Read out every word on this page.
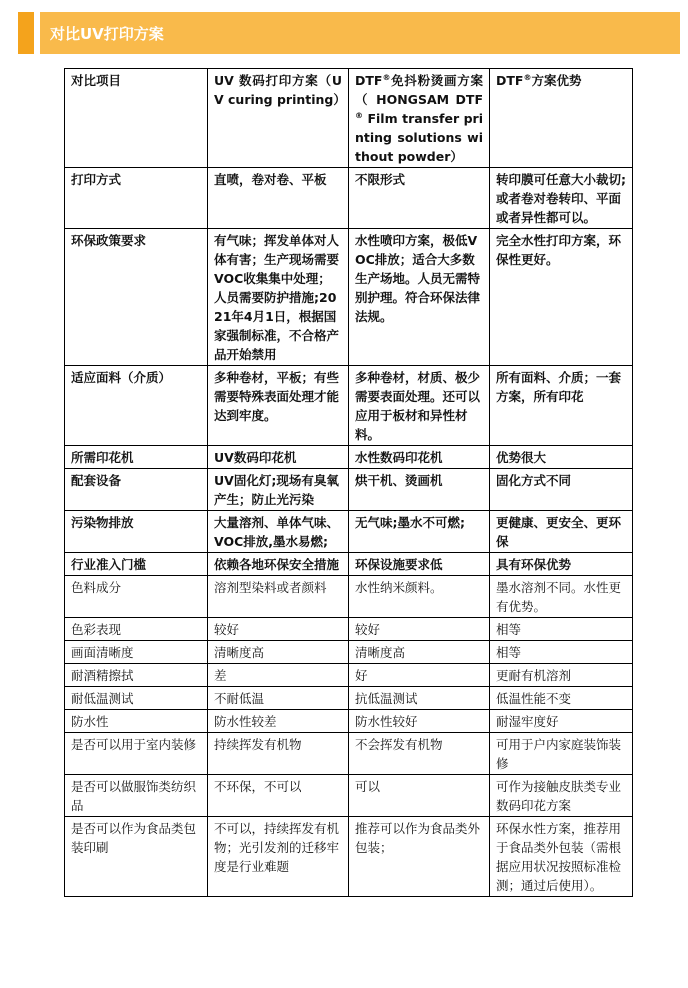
对比UV打印方案
对比项目	UV 数码打印方案（UV curing printing）	DTF®免抖粉烫画方案（ HONGSAM DTF® Film transfer printing solutions without powder）	DTF®方案优势
打印方式	直喷，卷对卷、平板	不限形式	转印膜可任意大小裁切;或者卷对卷转印、平面或者异性都可以。
环保政策要求	有气味；挥发单体对人体有害；生产现场需要VOC收集集中处理；人员需要防护措施;2021年4月1日，根据国家强制标准，不合格产品开始禁用	水性喷印方案，极低VOC排放；适合大多数生产场地。人员无需特别护理。符合环保法律法规。	完全水性打印方案，环保性更好。
适应面料（介质）	多种卷材，平板；有些需要特殊表面处理才能达到牢度。	多种卷材，材质、极少需要表面处理。还可以应用于板材和异性材料。	所有面料、介质；一套方案，所有印花
所需印花机	UV数码印花机	水性数码印花机	优势很大
配套设备	UV固化灯;现场有臭氧产生；防止光污染	烘干机、烫画机	固化方式不同
污染物排放	大量溶剂、单体气味、VOC排放,墨水易燃;	无气味;墨水不可燃;	更健康、更安全、更环保
行业准入门槛	依赖各地环保安全措施	环保设施要求低	具有环保优势
色料成分	溶剂型染料或者颜料	水性纳米颜料。	墨水溶剂不同。水性更有优势。
色彩表现	较好	较好	相等
画面清晰度	清晰度高	清晰度高	相等
耐酒精擦拭	差	好	更耐有机溶剂
耐低温测试	不耐低温	抗低温测试	低温性能不变
防水性	防水性较差	防水性较好	耐湿牢度好
是否可以用于室内装修	持续挥发有机物	不会挥发有机物	可用于户内家庭装饰装修
是否可以做服饰类纺织品	不环保，不可以	可以	可作为接触皮肤类专业数码印花方案
是否可以作为食品类包装印刷	不可以，持续挥发有机物；光引发剂的迁移牢度是行业难题	推荐可以作为食品类外包装；	环保水性方案，推荐用于食品类外包装（需根据应用状况按照标准检测；通过后使用）。
